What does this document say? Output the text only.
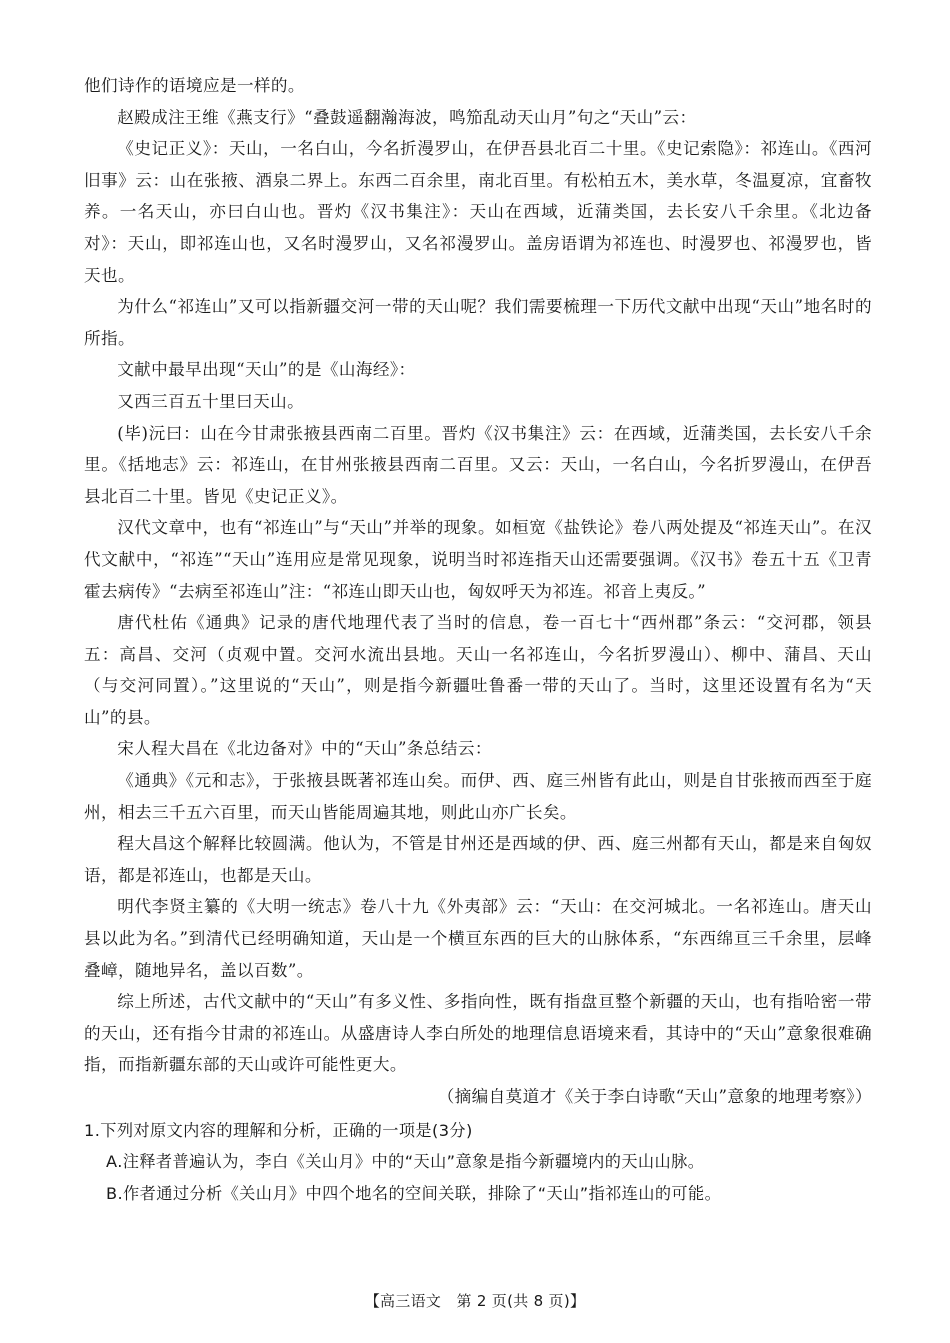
他们诗作的语境应是一样的。

赵殿成注王维《燕支行》“叠鼓遥翻瀚海波，鸣笳乱动天山月”句之“天山”云：

《史记正义》：天山，一名白山，今名折漫罗山，在伊吾县北百二十里。《史记索隐》：祁连山。《西河旧事》云：山在张掖、酒泉二界上。东西二百余里，南北百里。有松柏五木，美水草，冬温夏凉，宜畜牧养。一名天山，亦曰白山也。晋灼《汉书集注》：天山在西域，近蒲类国，去长安八千余里。《北边备对》：天山，即祁连山也，又名时漫罗山，又名祁漫罗山。盖房语谓为祁连也、时漫罗也、祁漫罗也，皆天也。

为什么“祁连山”又可以指新疆交河一带的天山呢？我们需要梳理一下历代文献中出现“天山”地名时的所指。

文献中最早出现“天山”的是《山海经》：

又西三百五十里曰天山。

(毕)沅曰：山在今甘肃张掖县西南二百里。晋灼《汉书集注》云：在西域，近蒲类国，去长安八千余里。《括地志》云：祁连山，在甘州张掖县西南二百里。又云：天山，一名白山，今名折罗漫山，在伊吾县北百二十里。皆见《史记正义》。

汉代文章中，也有“祁连山”与“天山”并举的现象。如桓宽《盐铁论》卷八两处提及“祁连天山”。在汉代文献中，“祁连”“天山”连用应是常见现象，说明当时祁连指天山还需要强调。《汉书》卷五十五《卫青霍去病传》“去病至祁连山”注：“祁连山即天山也，匈奴呼天为祁连。祁音上夷反。”

唐代杜佑《通典》记录的唐代地理代表了当时的信息，卷一百七十“西州郡”条云：“交河郡，领县五：高昌、交河（贞观中置。交河水流出县地。天山一名祁连山，今名折罗漫山）、柳中、蒲昌、天山（与交河同置）。”这里说的“天山”，则是指今新疆吐鲁番一带的天山了。当时，这里还设置有名为“天山”的县。

宋人程大昌在《北边备对》中的“天山”条总结云：

《通典》《元和志》，于张掖县既著祁连山矣。而伊、西、庭三州皆有此山，则是自甘张掖而西至于庭州，相去三千五六百里，而天山皆能周遍其地，则此山亦广长矣。

程大昌这个解释比较圆满。他认为，不管是甘州还是西域的伊、西、庭三州都有天山，都是来自匈奴语，都是祁连山，也都是天山。

明代李贤主纂的《大明一统志》卷八十九《外夷部》云：“天山：在交河城北。一名祁连山。唐天山县以此为名。”到清代已经明确知道，天山是一个横亘东西的巨大的山脉体系，“东西绵亘三千余里，层峰叠嶂，随地异名，盖以百数”。

综上所述，古代文献中的“天山”有多义性、多指向性，既有指盘亘整个新疆的天山，也有指哈密一带的天山，还有指今甘肃的祁连山。从盛唐诗人李白所处的地理信息语境来看，其诗中的“天山”意象很难确指，而指新疆东部的天山或许可能性更大。

（摘编自莫道才《关于李白诗歌“天山”意象的地理考察》）

1.下列对原文内容的理解和分析，正确的一项是(3分)

A.注释者普遍认为，李白《关山月》中的“天山”意象是指今新疆境内的天山山脉。

B.作者通过分析《关山月》中四个地名的空间关联，排除了“天山”指祁连山的可能。

【高三语文　第 2 页(共 8 页)】
